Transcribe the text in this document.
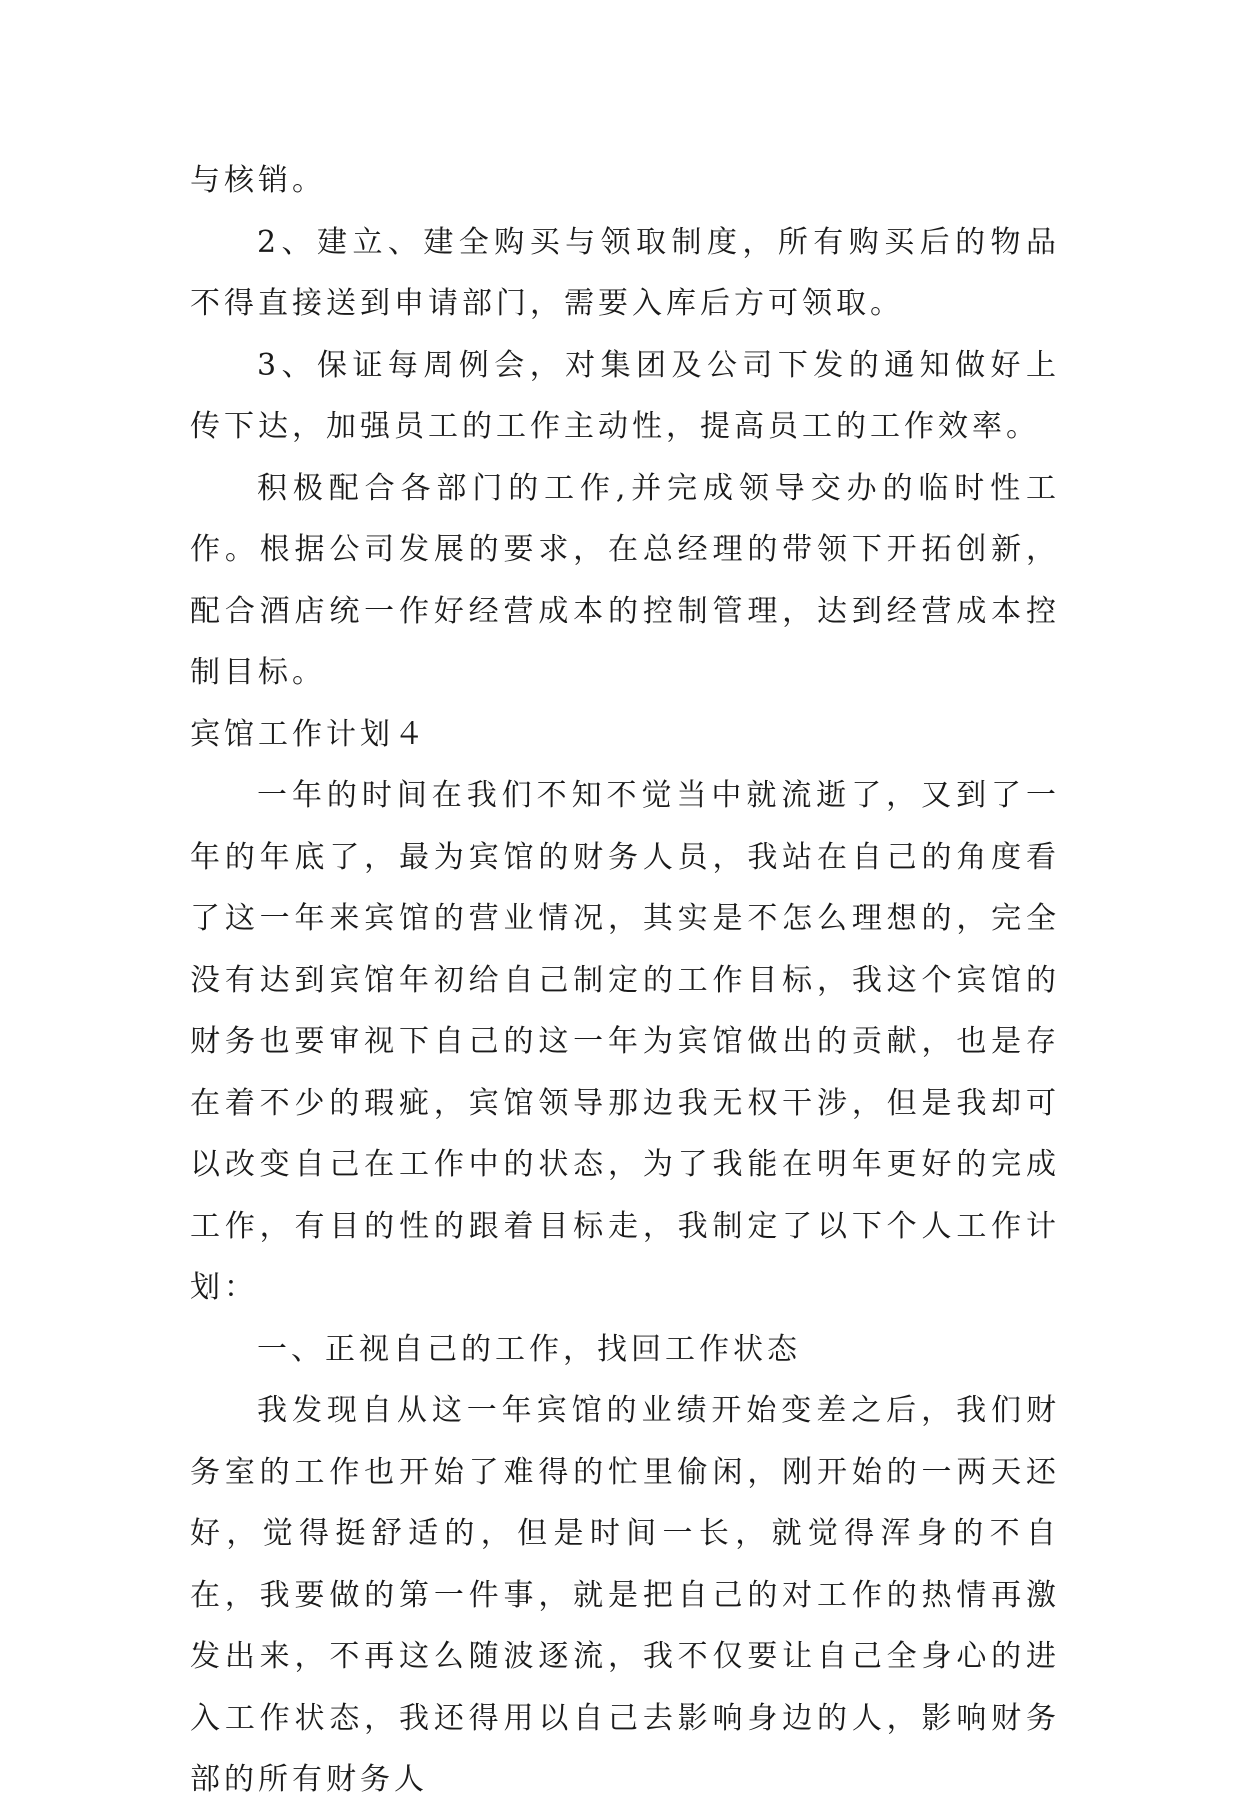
与核销。

2、建立、建全购买与领取制度，所有购买后的物品不得直接送到申请部门，需要入库后方可领取。

3、保证每周例会，对集团及公司下发的通知做好上传下达，加强员工的工作主动性，提高员工的工作效率。

积极配合各部门的工作,并完成领导交办的临时性工作。根据公司发展的要求，在总经理的带领下开拓创新，配合酒店统一作好经营成本的控制管理，达到经营成本控制目标。

宾馆工作计划４

一年的时间在我们不知不觉当中就流逝了，又到了一年的年底了，最为宾馆的财务人员，我站在自己的角度看了这一年来宾馆的营业情况，其实是不怎么理想的，完全没有达到宾馆年初给自己制定的工作目标，我这个宾馆的财务也要审视下自己的这一年为宾馆做出的贡献，也是存在着不少的瑕疵，宾馆领导那边我无权干涉，但是我却可以改变自己在工作中的状态，为了我能在明年更好的完成工作，有目的性的跟着目标走，我制定了以下个人工作计划：

一、正视自己的工作，找回工作状态

我发现自从这一年宾馆的业绩开始变差之后，我们财务室的工作也开始了难得的忙里偷闲，刚开始的一两天还好，觉得挺舒适的，但是时间一长，就觉得浑身的不自在，我要做的第一件事，就是把自己的对工作的热情再激发出来，不再这么随波逐流，我不仅要让自己全身心的进入工作状态，我还得用以自己去影响身边的人，影响财务部的所有财务人
